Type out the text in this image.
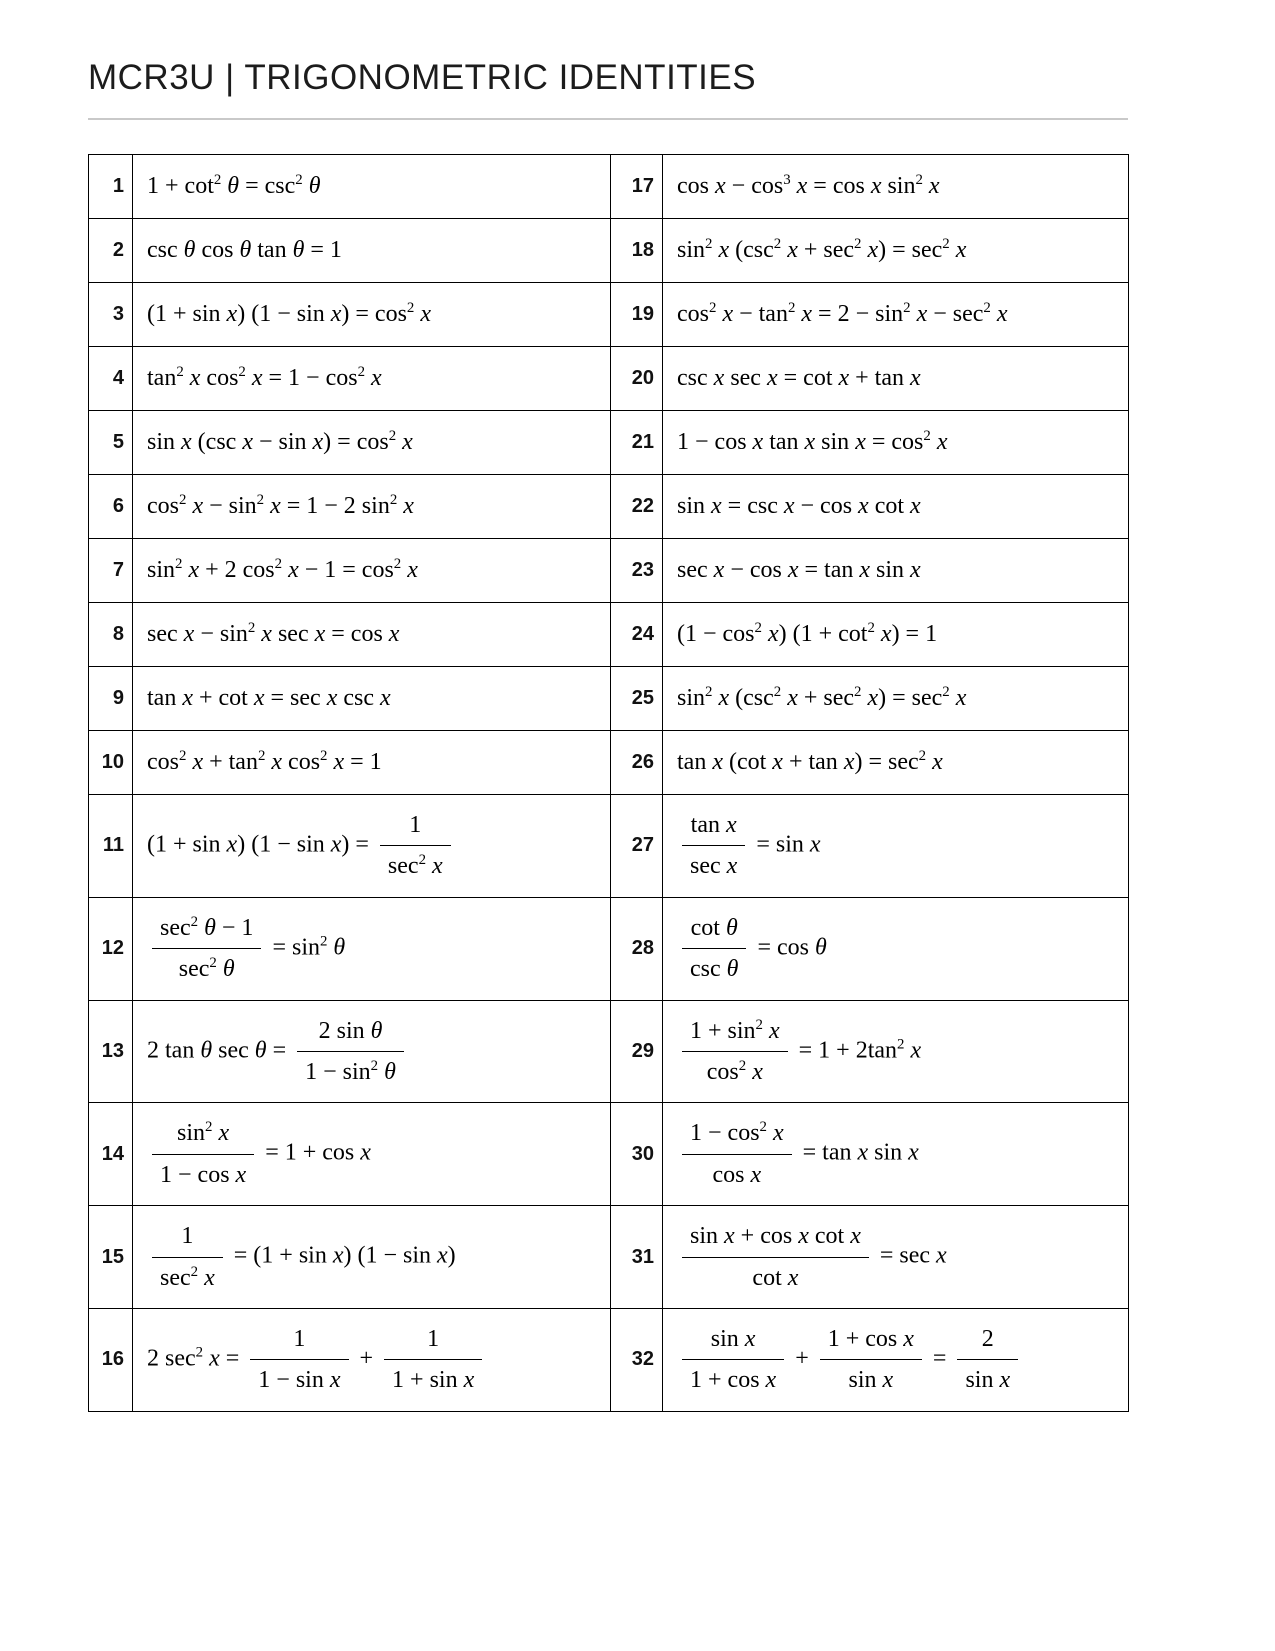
MCR3U | TRIGONOMETRIC IDENTITIES
1	$1 + \cot^2 \theta = \csc^2 \theta$	17	$\cos x - \cos^3 x = \cos x$ $\sin^2 x$
2	csc θ cos θ tan θ = 1	18	$\sin^2 x$ ($\csc^2$ $x + \sec^2 x) = \sec^2 x$
3	(1 + sin x) $(1 - \sin x) = \cos^2 x$	19	$\cos^2 x - \tan^2 x = 2 - \sin^2 x - \sec^2 x$
4	$\tan^2 x$ $\cos^2 x = 1 - \cos^2 x$	20	csc x sec x = cot x + tan x
5	sin x (csc $x - \sin x) = \cos^2 x$	21	1 − cos x tan x $\sin x = \cos^2 x$
6	$\cos^2 x - \sin^2 x = 1 - 2$ $\sin^2 x$	22	sin x = csc x − cos x cot x
7	$\sin^2 x + 2$ $\cos^2 x - 1 = \cos^2 x$	23	sec x − cos x = tan x sin x
8	$\sec x - \sin^2 x$ sec x = cos x	24	$(1 - \cos^2 x)$ $(1 + \cot^2 x) = 1$
9	tan x + cot x = sec x csc x	25	$\sin^2 x$ ($\csc^2$ $x + \sec^2 x) = \sec^2 x$
10	$\cos^2 x + \tan^2 x$ $\cos^2 x = 1$	26	tan x (cot $x + \tan x) = \sec^2 x$
11	(1 + sin x) $(1 - \sin x) = \frac{1}{\sec^2 x}$	27	$\frac{\text{tan x}}{\text{sec x}} = \sin x$
12	$\frac{\sec^2 \theta - 1}{\sec^2 \theta} = \sin^2 \theta$	28	$\frac{\text{cot θ}}{\text{csc θ}} = \cos \theta$
13	2 tan θ $\sec \theta = \frac{\text{2 sin θ}}{1 - \sin^2 \theta}$	29	$\frac{1 + \sin^2 x}{\cos^2 x} = 1 + 2\tan^2$ x
14	$\frac{\sin^2 x}{\text{1 − cos x}} = 1 + \cos x$	30	$\frac{1 - \cos^2 x}{\text{cos x}} = \tan x$ sin x
15	$\frac{1}{\sec^2 x} = (1 + \sin x) (1 - \sin x)$	31	$\frac{\text{sin x + cos x cot x}}{\text{cot x}} = \sec x$
16	2 $\sec^2 x = \frac{1}{\text{1 − sin x}} + \frac{1}{\text{1 + sin x}}$	32	$\frac{\text{sin x}}{\text{1 + cos x}} + \frac{\text{1 + cos x}}{\text{sin x}} = \frac{2}{\text{sin x}}$
